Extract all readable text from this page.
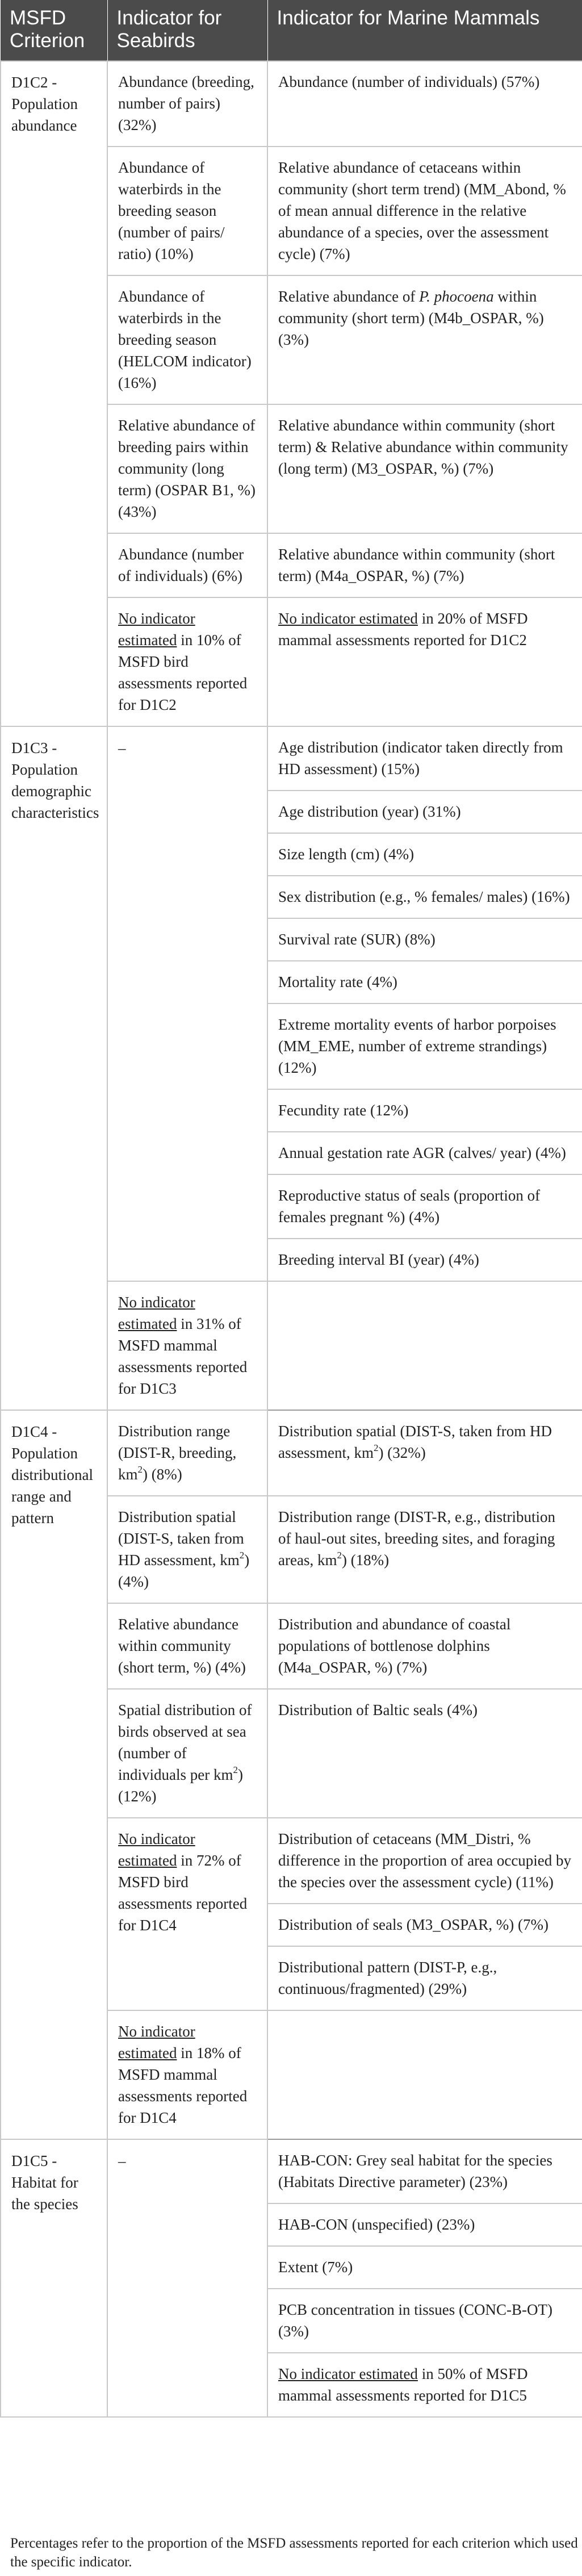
MSFD Criterion	Indicator for Seabirds	Indicator for Marine Mammals
D1C2 - Population abundance	Abundance (breeding, number of pairs) (32%)	Abundance (number of individuals) (57%)
	Abundance of waterbirds in the breeding season (number of pairs/ ratio) (10%)	Relative abundance of cetaceans within community (short term trend) (MM_Abond, % of mean annual difference in the relative abundance of a species, over the assessment cycle) (7%)
	Abundance of waterbirds in the breeding season (HELCOM indicator) (16%)	Relative abundance of P. phocoena within community (short term) (M4b_OSPAR, %) (3%)
	Relative abundance of breeding pairs within community (long term) (OSPAR B1, %) (43%)	Relative abundance within community (short term) & Relative abundance within community (long term) (M3_OSPAR, %) (7%)
	Abundance (number of individuals) (6%)	Relative abundance within community (short term) (M4a_OSPAR, %) (7%)
	No indicator estimated in 10% of MSFD bird assessments reported for D1C2	No indicator estimated in 20% of MSFD mammal assessments reported for D1C2
D1C3 - Population demographic characteristics	–	Age distribution (indicator taken directly from HD assessment) (15%)
		Age distribution (year) (31%)
		Size length (cm) (4%)
		Sex distribution (e.g., % females/ males) (16%)
		Survival rate (SUR) (8%)
		Mortality rate (4%)
		Extreme mortality events of harbor porpoises (MM_EME, number of extreme strandings) (12%)
		Fecundity rate (12%)
		Annual gestation rate AGR (calves/ year) (4%)
		Reproductive status of seals (proportion of females pregnant %) (4%)
		Breeding interval BI (year) (4%)
	No indicator estimated in 31% of MSFD mammal assessments reported for D1C3	
D1C4 - Population distributional range and pattern	Distribution range (DIST-R, breeding, $km^2$) (8%)	Distribution spatial (DIST-S, taken from HD assessment, $km^2$) (32%)
	Distribution spatial (DIST-S, taken from HD assessment, $km^2$) (4%)	Distribution range (DIST-R, e.g., distribution of haul-out sites, breeding sites, and foraging areas, $km^2$) (18%)
	Relative abundance within community (short term, %) (4%)	Distribution and abundance of coastal populations of bottlenose dolphins (M4a_OSPAR, %) (7%)
	Spatial distribution of birds observed at sea (number of individuals per $km^2$) (12%)	Distribution of Baltic seals (4%)
	No indicator estimated in 72% of MSFD bird assessments reported for D1C4	Distribution of cetaceans (MM_Distri, % difference in the proportion of area occupied by the species over the assessment cycle) (11%)
		Distribution of seals (M3_OSPAR, %) (7%)
		Distributional pattern (DIST-P, e.g., continuous/fragmented) (29%)
	No indicator estimated in 18% of MSFD mammal assessments reported for D1C4	
D1C5 - Habitat for the species	–	HAB-CON: Grey seal habitat for the species (Habitats Directive parameter) (23%)
		HAB-CON (unspecified) (23%)
		Extent (7%)
		PCB concentration in tissues (CONC-B-OT) (3%)
		No indicator estimated in 50% of MSFD mammal assessments reported for D1C5
Percentages refer to the proportion of the MSFD assessments reported for each criterion which used the specific indicator.
